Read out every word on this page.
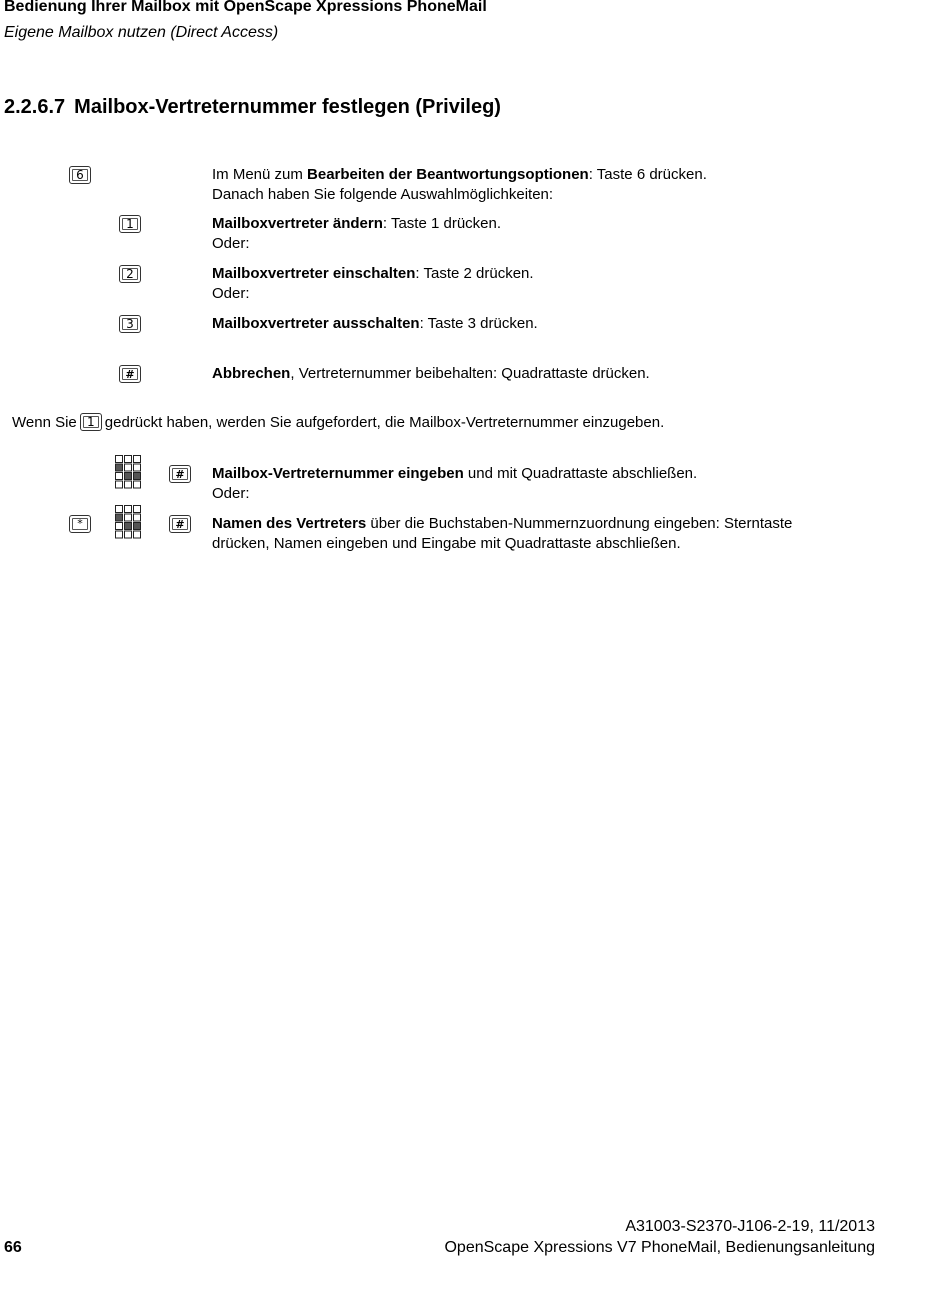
Bedienung Ihrer Mailbox mit OpenScape Xpressions PhoneMail
Eigene Mailbox nutzen (Direct Access)
2.2.6.7 Mailbox-Vertreternummer festlegen (Privileg)
6	Im Menü zum Bearbeiten der Beantwortungsoptionen: Taste 6 drücken.
Danach haben Sie folgende Auswahlmöglichkeiten:
1	Mailboxvertreter ändern: Taste 1 drücken.
Oder:
2	Mailboxvertreter einschalten: Taste 2 drücken.
Oder:
3	Mailboxvertreter ausschalten: Taste 3 drücken.
#	Abbrechen, Vertreternummer beibehalten: Quadrattaste drücken.
Wenn Sie 1 gedrückt haben, werden Sie aufgefordert, die Mailbox-Vertreternummer einzugeben.
#	Mailbox-Vertreternummer eingeben und mit Quadrattaste abschließen.
Oder:
*	#	Namen des Vertreters über die Buchstaben-Nummernzuordnung eingeben: Sterntaste
drücken, Namen eingeben und Eingabe mit Quadrattaste abschließen.
A31003-S2370-J106-2-19, 11/2013
66	OpenScape Xpressions V7 PhoneMail, Bedienungsanleitung
